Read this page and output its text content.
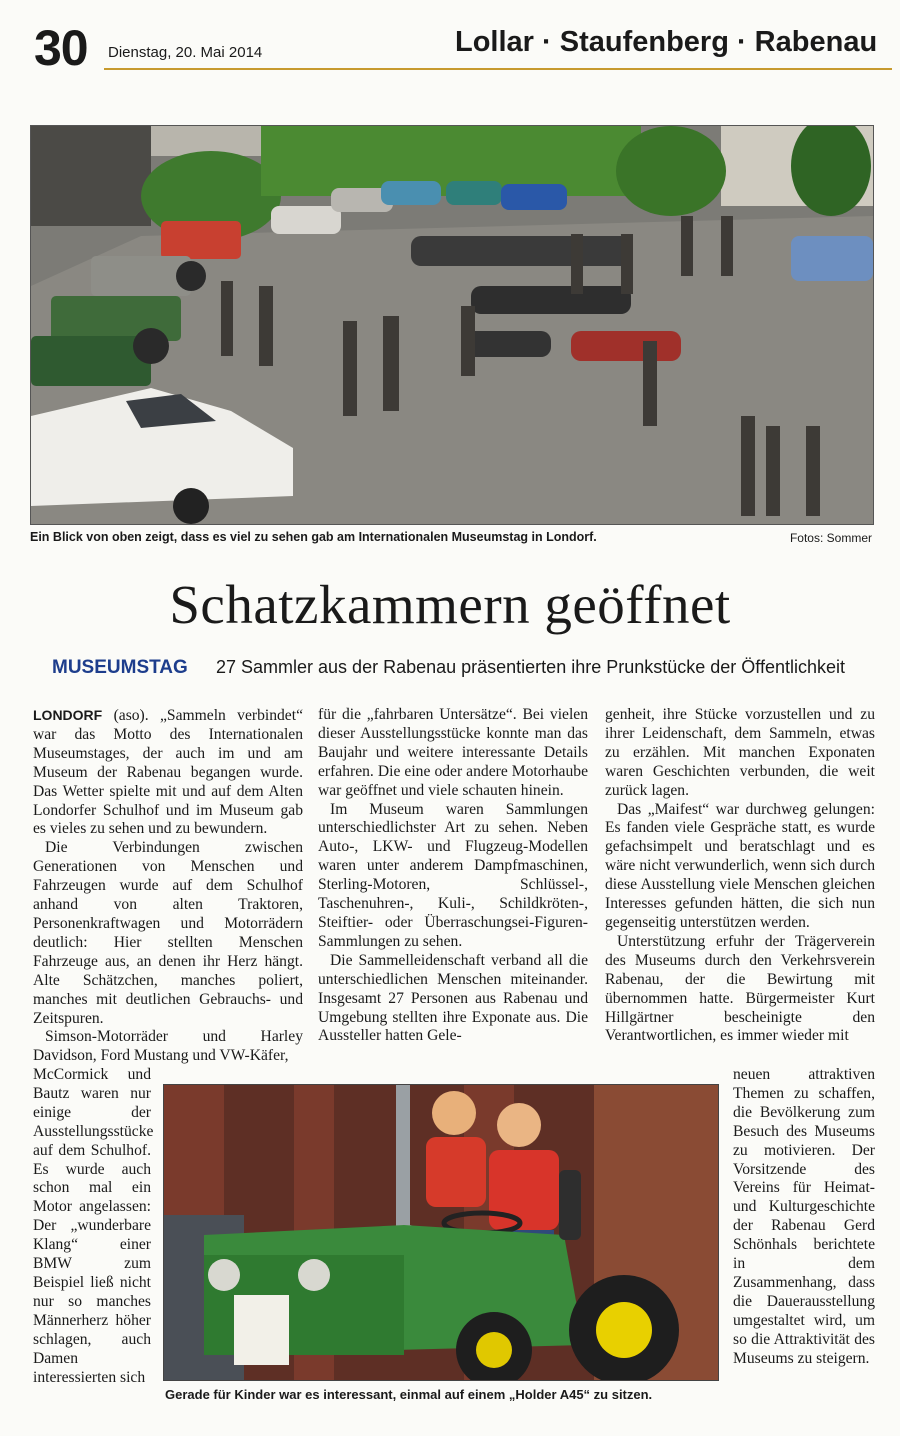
30 Dienstag, 20. Mai 2014	Lollar · Staufenberg · Rabenau
Ein Blick von oben zeigt, dass es viel zu sehen gab am Internationalen Museumstag in Londorf.	Fotos: Sommer
Schatzkammern geöffnet
MUSEUMSTAG 27 Sammler aus der Rabenau präsentierten ihre Prunkstücke der Öffentlichkeit

LONDORF (aso). „Sammeln verbindet“ war das Motto des Internationalen Museumstages, der auch im und am Museum der Rabenau begangen wurde. Das Wetter spielte mit und auf dem Alten Londorfer Schulhof und im Museum gab es vieles zu sehen und zu bewundern.

Die Verbindungen zwischen Generationen von Menschen und Fahrzeugen wurde auf dem Schulhof anhand von alten Traktoren, Personenkraftwagen und Motorrädern deutlich: Hier stellten Menschen Fahrzeuge aus, an denen ihr Herz hängt. Alte Schätzchen, manches poliert, manches mit deutlichen Gebrauchs- und Zeitspuren.

Simson-Motorräder und Harley Davidson, Ford Mustang und VW-Käfer,

McCormick und Bautz waren nur einige der Ausstellungsstücke auf dem Schulhof. Es wurde auch schon mal ein Motor angelassen: Der „wunderbare Klang“ einer BMW zum Beispiel ließ nicht nur so manches Männerherz höher schlagen, auch Damen interessierten sich

für die „fahrbaren Untersätze“. Bei vielen dieser Ausstellungsstücke konnte man das Baujahr und weitere interessante Details erfahren. Die eine oder andere Motorhaube war geöffnet und viele schauten hinein.

Im Museum waren Sammlungen unterschiedlichster Art zu sehen. Neben Auto-, LKW- und Flugzeug-Modellen waren unter anderem Dampfmaschinen, Sterling-Motoren, Schlüssel-, Taschenuhren-, Kuli-, Schildkröten-, Steiftier- oder Überraschungsei-Figuren-Sammlungen zu sehen.

Die Sammelleidenschaft verband all die unterschiedlichen Menschen miteinander. Insgesamt 27 Personen aus Rabenau und Umgebung stellten ihre Exponate aus. Die Aussteller hatten Gele-

genheit, ihre Stücke vorzustellen und zu ihrer Leidenschaft, dem Sammeln, etwas zu erzählen. Mit manchen Exponaten waren Geschichten verbunden, die weit zurück lagen.

Das „Maifest“ war durchweg gelungen: Es fanden viele Gespräche statt, es wurde gefachsimpelt und beratschlagt und es wäre nicht verwunderlich, wenn sich durch diese Ausstellung viele Menschen gleichen Interesses gefunden hätten, die sich nun gegenseitig unterstützen werden.

Unterstützung erfuhr der Trägerverein des Museums durch den Verkehrsverein Rabenau, der die Bewirtung mit übernommen hatte. Bürgermeister Kurt Hillgärtner bescheinigte den Verantwortlichen, es immer wieder mit

neuen attraktiven Themen zu schaffen, die Bevölkerung zum Besuch des Museums zu motivieren. Der Vorsitzende des Vereins für Heimat- und Kulturgeschichte der Rabenau Gerd Schönhals berichtete in dem Zusammenhang, dass die Dauerausstellung umgestaltet wird, um so die Attraktivität des Museums zu steigern.

Gerade für Kinder war es interessant, einmal auf einem „Holder A45“ zu sitzen.
